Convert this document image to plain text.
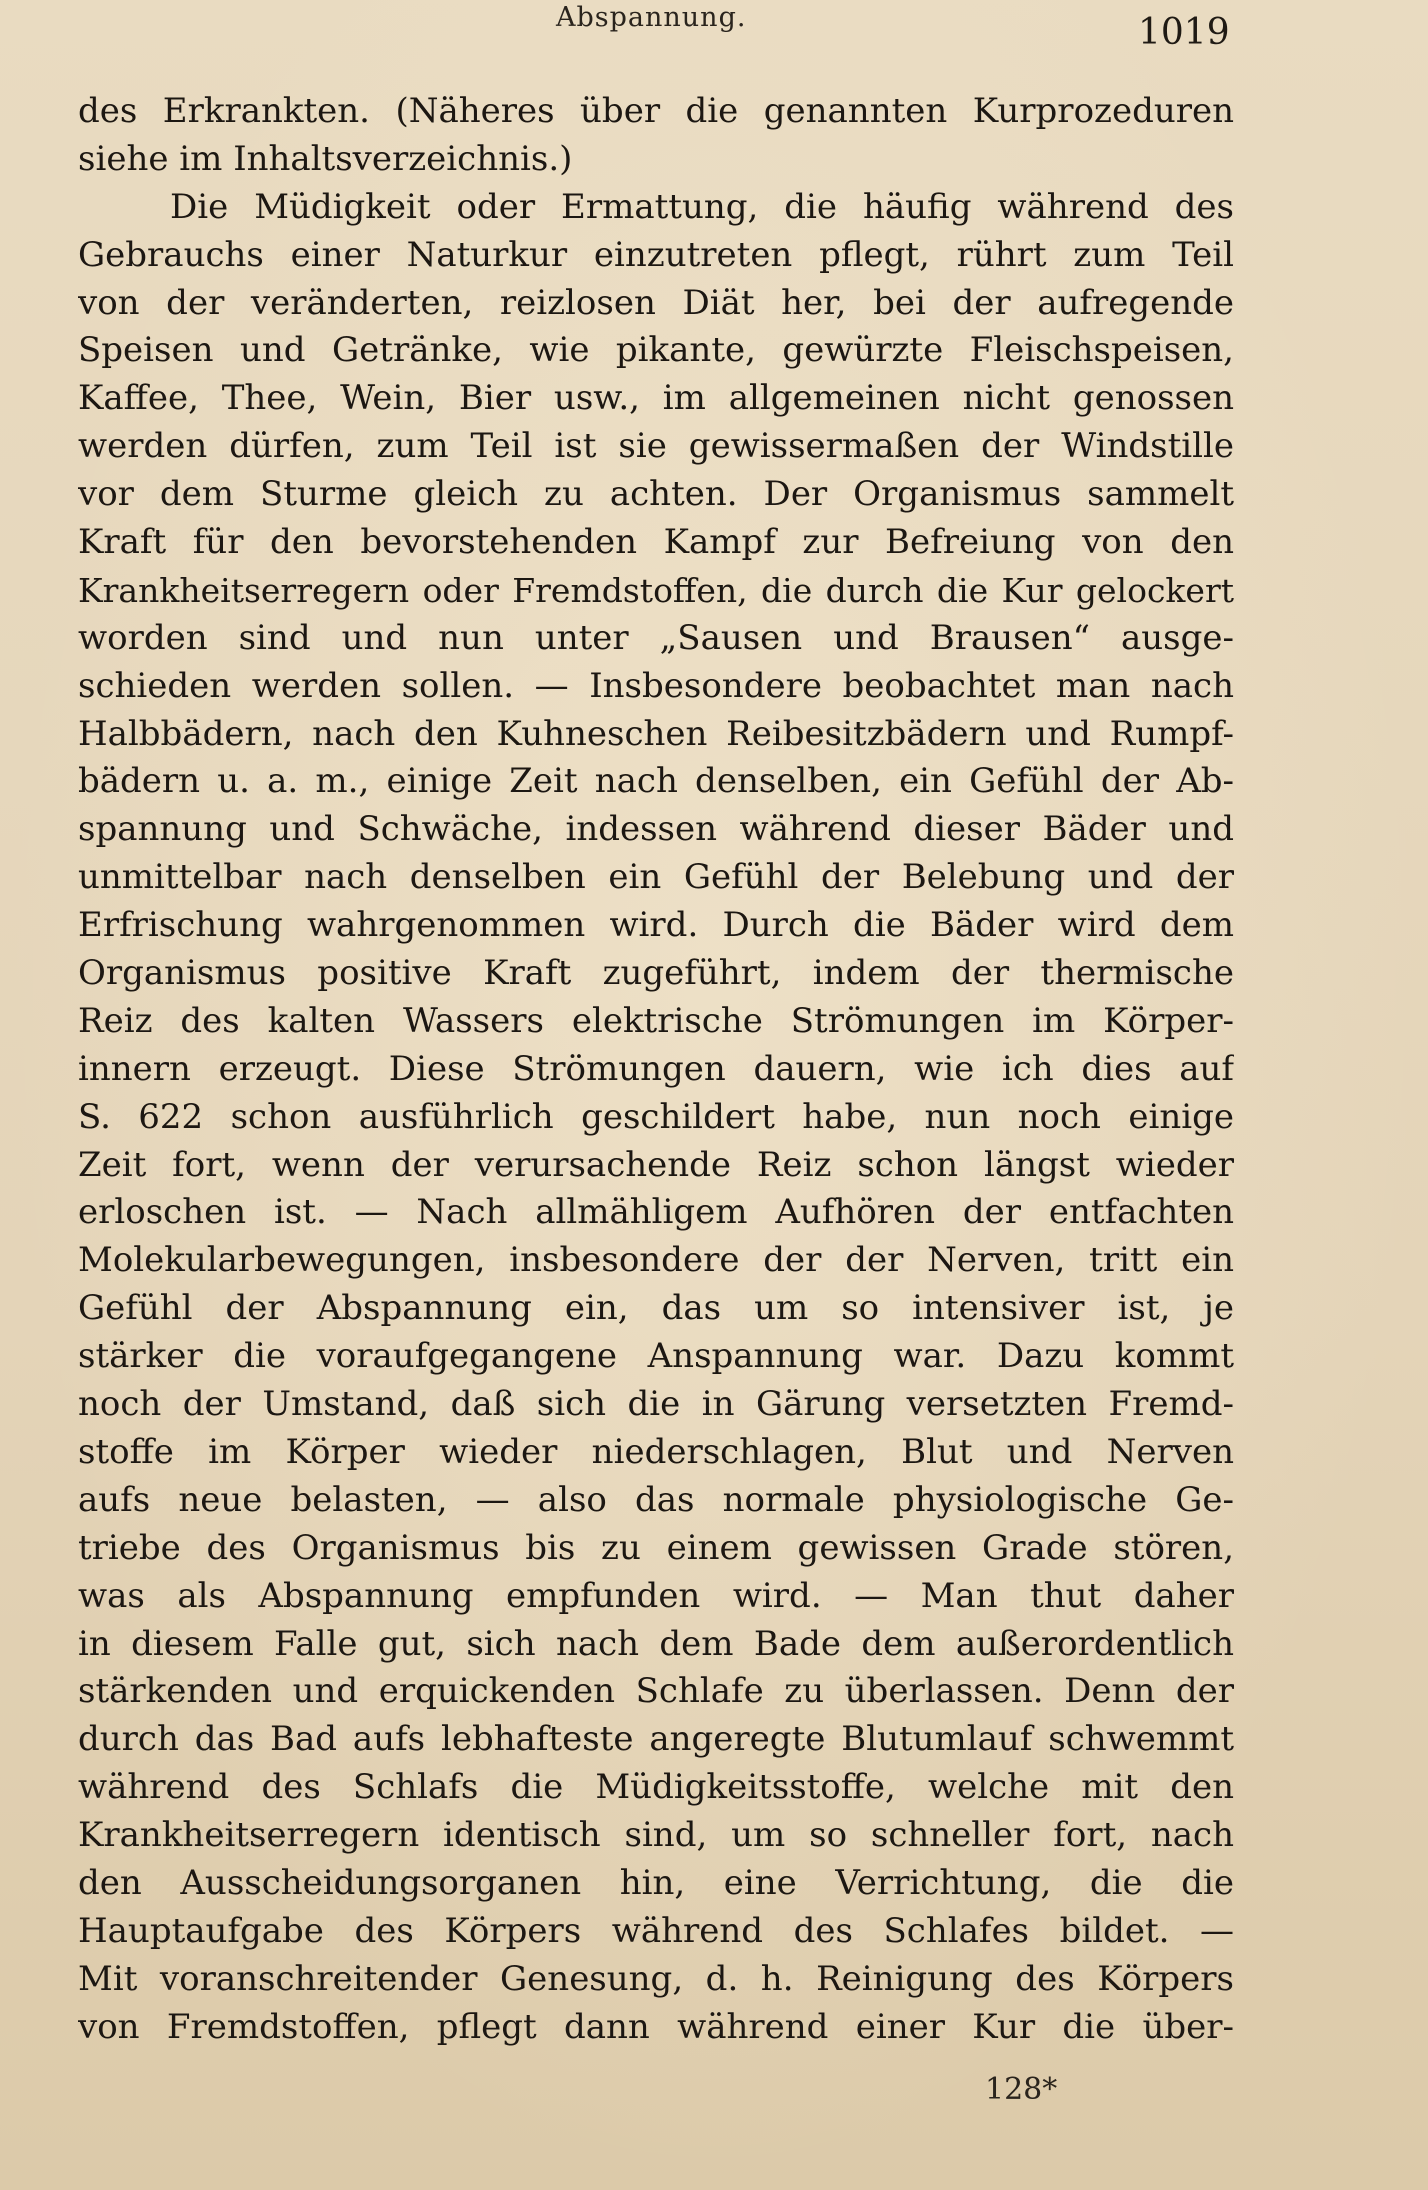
Abspannung.	1019
des Erkrankten. (Näheres über die genannten Kurprozeduren
siehe im Inhaltsverzeichnis.)
Die Müdigkeit oder Ermattung, die häufig während des
Gebrauchs einer Naturkur einzutreten pflegt, rührt zum Teil
von der veränderten, reizlosen Diät her, bei der aufregende
Speisen und Getränke, wie pikante, gewürzte Fleischspeisen,
Kaffee, Thee, Wein, Bier usw., im allgemeinen nicht genossen
werden dürfen, zum Teil ist sie gewissermaßen der Windstille
vor dem Sturme gleich zu achten. Der Organismus sammelt
Kraft für den bevorstehenden Kampf zur Befreiung von den
Krankheitserregern oder Fremdstoffen, die durch die Kur gelockert
worden sind und nun unter „Sausen und Brausen“ ausge-
schieden werden sollen. — Insbesondere beobachtet man nach
Halbbädern, nach den Kuhneschen Reibesitzbädern und Rumpf-
bädern u. a. m., einige Zeit nach denselben, ein Gefühl der Ab-
spannung und Schwäche, indessen während dieser Bäder und
unmittelbar nach denselben ein Gefühl der Belebung und der
Erfrischung wahrgenommen wird. Durch die Bäder wird dem
Organismus positive Kraft zugeführt, indem der thermische
Reiz des kalten Wassers elektrische Strömungen im Körper-
innern erzeugt. Diese Strömungen dauern, wie ich dies auf
S. 622 schon ausführlich geschildert habe, nun noch einige
Zeit fort, wenn der verursachende Reiz schon längst wieder
erloschen ist. — Nach allmähligem Aufhören der entfachten
Molekularbewegungen, insbesondere der der Nerven, tritt ein
Gefühl der Abspannung ein, das um so intensiver ist, je
stärker die voraufgegangene Anspannung war. Dazu kommt
noch der Umstand, daß sich die in Gärung versetzten Fremd-
stoffe im Körper wieder niederschlagen, Blut und Nerven
aufs neue belasten, — also das normale physiologische Ge-
triebe des Organismus bis zu einem gewissen Grade stören,
was als Abspannung empfunden wird. — Man thut daher
in diesem Falle gut, sich nach dem Bade dem außerordentlich
stärkenden und erquickenden Schlafe zu überlassen. Denn der
durch das Bad aufs lebhafteste angeregte Blutumlauf schwemmt
während des Schlafs die Müdigkeitsstoffe, welche mit den
Krankheitserregern identisch sind, um so schneller fort, nach
den Ausscheidungsorganen hin, eine Verrichtung, die die
Hauptaufgabe des Körpers während des Schlafes bildet. —
Mit voranschreitender Genesung, d. h. Reinigung des Körpers
von Fremdstoffen, pflegt dann während einer Kur die über-
128*
